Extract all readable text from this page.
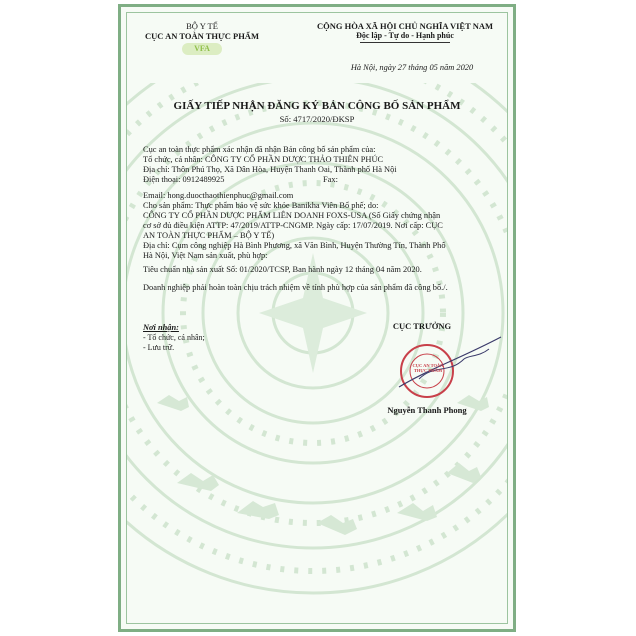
BỘ Y TẾ
CỤC AN TOÀN THỰC PHẨM
VFA
CỘNG HÒA XÃ HỘI CHỦ NGHĨA VIỆT NAM
Độc lập - Tự do - Hạnh phúc
Hà Nội, ngày 27 tháng 05 năm 2020
GIẤY TIẾP NHẬN ĐĂNG KÝ BẢN CÔNG BỐ SẢN PHẨM
Số: 4717/2020/ĐKSP
Cục an toàn thực phẩm xác nhận đã nhận Bản công bố sản phẩm của:
Tổ chức, cá nhân: CÔNG TY CỔ PHẦN DƯỢC THẢO THIÊN PHÚC
Địa chỉ: Thôn Phú Thọ, Xã Dân Hòa, Huyện Thanh Oai, Thành phố Hà Nội
Điện thoại: 0912489925	Fax:
Email: hong.duocthaothienphuc@gmail.com
Cho sản phẩm: Thực phẩm bảo vệ sức khỏe Banikha Viên Bổ phế; do:
CÔNG TY CỔ PHẦN DƯỢC PHẨM LIÊN DOANH FOXS-USA (Số Giấy chứng nhận
cơ sở đủ điều kiện ATTP: 47/2019/ATTP-CNGMP. Ngày cấp: 17/07/2019. Nơi cấp: CỤC
AN TOÀN THỰC PHẨM – BỘ Y TẾ)
Địa chỉ: Cụm công nghiệp Hà Bình Phương, xã Văn Bình, Huyện Thường Tín, Thành Phố
Hà Nội, Việt Nam sản xuất, phù hợp:
Tiêu chuẩn nhà sản xuất Số: 01/2020/TCSP, Ban hành ngày 12 tháng 04 năm 2020.
Doanh nghiệp phải hoàn toàn chịu trách nhiệm về tính phù hợp của sản phẩm đã công bố./.
Nơi nhận:
- Tổ chức, cá nhân;
- Lưu trữ.
CỤC TRƯỞNG
CỤC AN TOÀN THỰC PHẨM
Nguyễn Thanh Phong
